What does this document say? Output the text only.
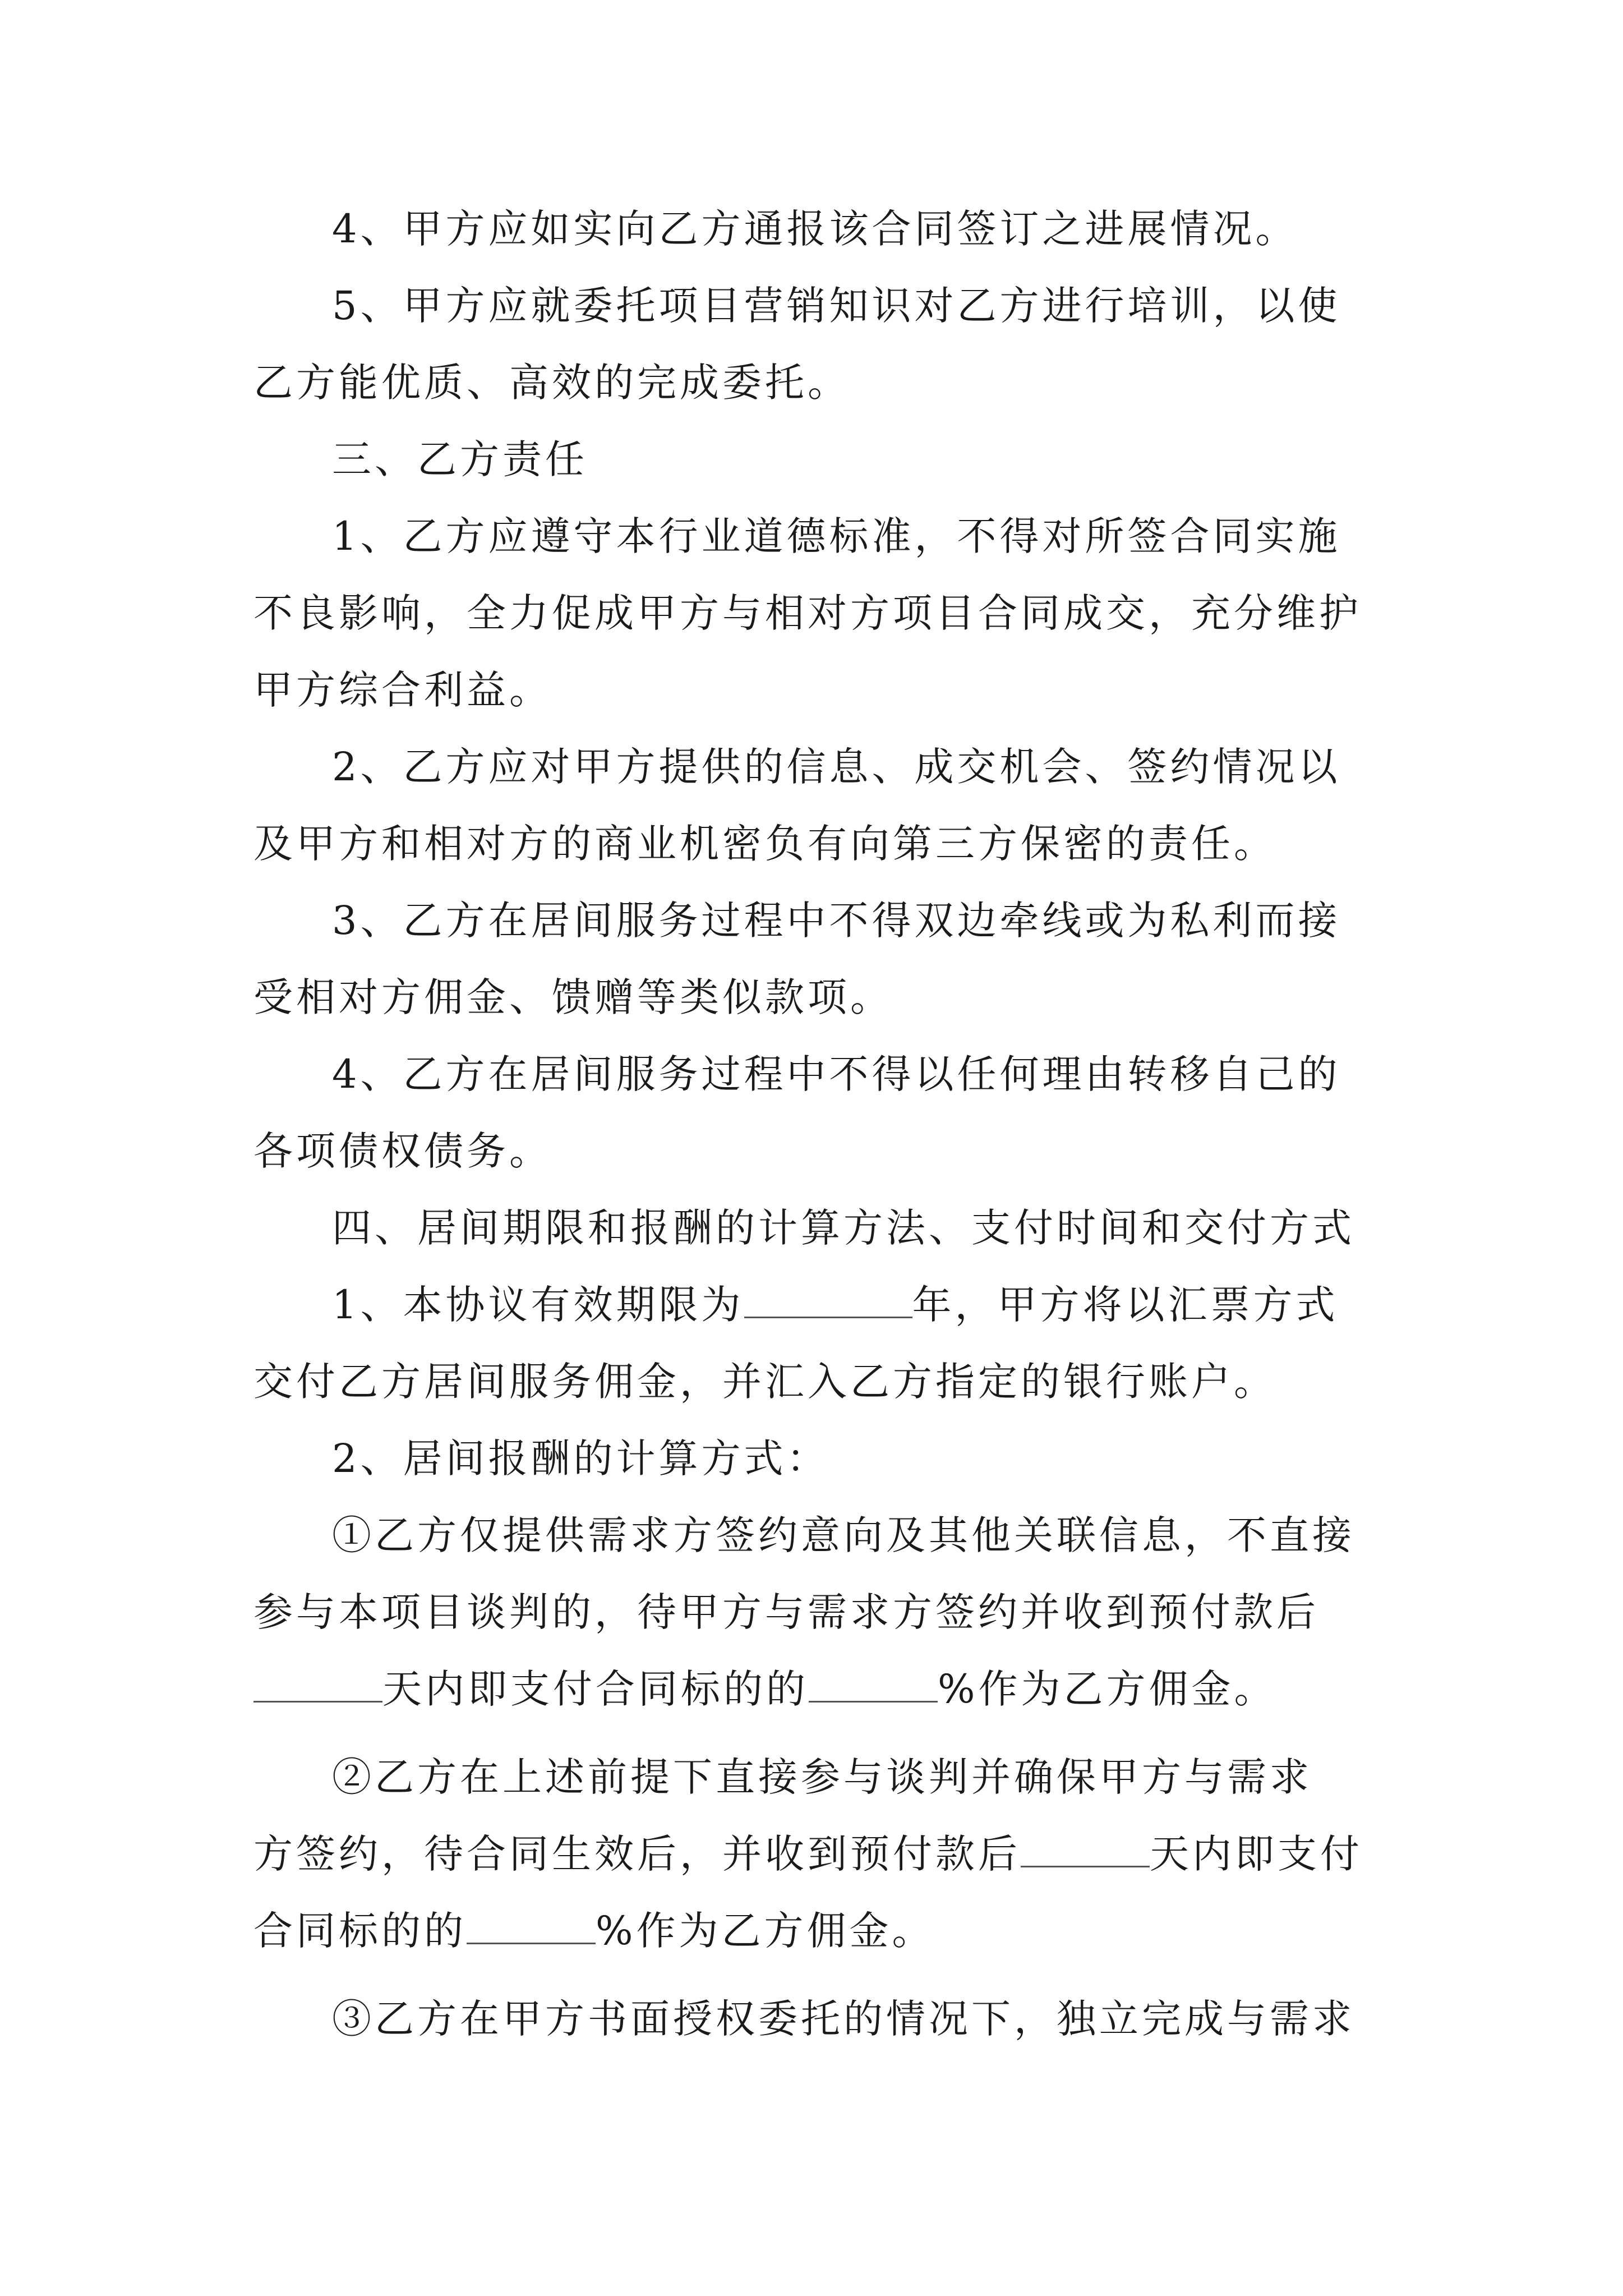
4、甲方应如实向乙方通报该合同签订之进展情况。
5、甲方应就委托项目营销知识对乙方进行培训，以使
乙方能优质、高效的完成委托。
三、乙方责任
1、乙方应遵守本行业道德标准，不得对所签合同实施
不良影响，全力促成甲方与相对方项目合同成交，充分维护
甲方综合利益。
2、乙方应对甲方提供的信息、成交机会、签约情况以
及甲方和相对方的商业机密负有向第三方保密的责任。
3、乙方在居间服务过程中不得双边牵线或为私利而接
受相对方佣金、馈赠等类似款项。
4、乙方在居间服务过程中不得以任何理由转移自己的
各项债权债务。
四、居间期限和报酬的计算方法、支付时间和交付方式
1、本协议有效期限为	年，甲方将以汇票方式
交付乙方居间服务佣金，并汇入乙方指定的银行账户。
2、居间报酬的计算方式：
①乙方仅提供需求方签约意向及其他关联信息，不直接
参与本项目谈判的，待甲方与需求方签约并收到预付款后
天内即支付合同标的的	%作为乙方佣金。
②乙方在上述前提下直接参与谈判并确保甲方与需求
方签约，待合同生效后，并收到预付款后	天内即支付
合同标的的	%作为乙方佣金。
③乙方在甲方书面授权委托的情况下，独立完成与需求
